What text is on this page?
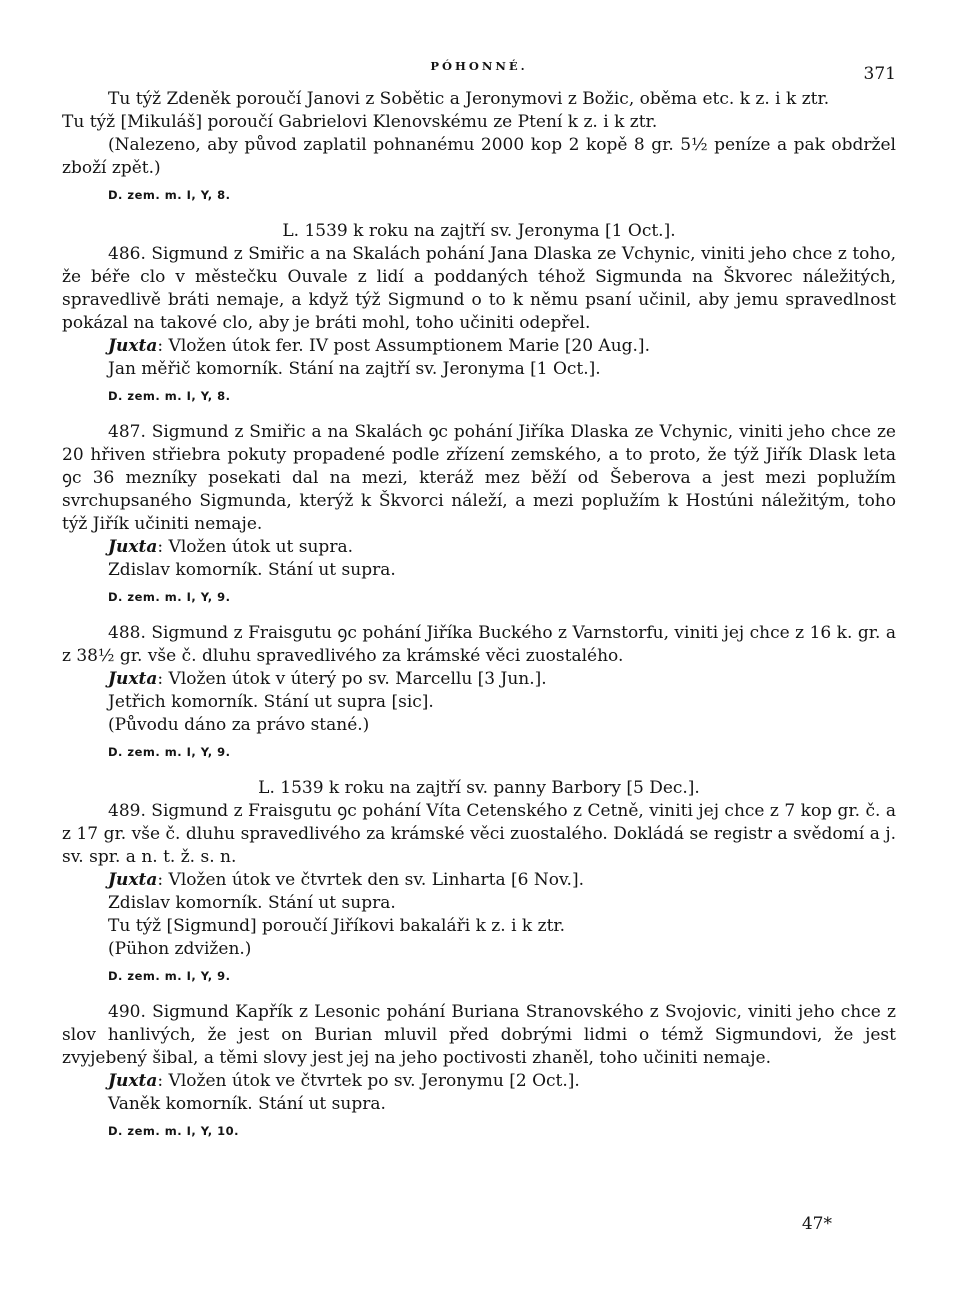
PÓHONNÉ.	371

Tu týž Zdeněk poroučí Janovi z Sobětic a Jeronymovi z Božic, oběma etc. k z. i k ztr.

Tu týž [Mikuláš] poroučí Gabrielovi Klenovskému ze Ptení k z. i k ztr.

(Nalezeno, aby původ zaplatil pohnanému 2000 kop 2 kopě 8 gr. 5½ peníze a pak obdržel zboží zpět.)

D. zem. m. I, Y, 8.

L. 1539 k roku na zajtří sv. Jeronyma [1 Oct.].

486. Sigmund z Smiřic a na Skalách pohání Jana Dlaska ze Vchynic, viniti jeho chce z toho, že béře clo v městečku Ouvale z lidí a poddaných téhož Sigmunda na Škvorec náležitých, spravedlivě bráti nemaje, a když týž Sigmund o to k němu psaní učinil, aby jemu spravedlnost pokázal na takové clo, aby je bráti mohl, toho učiniti odepřel.

Juxta: Vložen útok fer. IV post Assumptionem Marie [20 Aug.].

Jan měřič komorník. Stání na zajtří sv. Jeronyma [1 Oct.].

D. zem. m. I, Y, 8.

487. Sigmund z Smiřic a na Skalách ꝯc pohání Jiříka Dlaska ze Vchynic, viniti jeho chce ze 20 hřiven střiebra pokuty propadené podle zřízení zemského, a to proto, že týž Jiřík Dlask leta ꝯc 36 mezníky posekati dal na mezi, kteráž mez běží od Šeberova a jest mezi poplužím svrchupsaného Sigmunda, kterýž k Škvorci náleží, a mezi poplužím k Hostúni náležitým, toho týž Jiřík učiniti nemaje.

Juxta: Vložen útok ut supra.

Zdislav komorník. Stání ut supra.

D. zem. m. I, Y, 9.

488. Sigmund z Fraisgutu ꝯc pohání Jiříka Buckého z Varnstorfu, viniti jej chce z 16 k. gr. a z 38½ gr. vše č. dluhu spravedlivého za krámské věci zuostalého.

Juxta: Vložen útok v úterý po sv. Marcellu [3 Jun.].

Jetřich komorník. Stání ut supra [sic].

(Původu dáno za právo stané.)

D. zem. m. I, Y, 9.

L. 1539 k roku na zajtří sv. panny Barbory [5 Dec.].

489. Sigmund z Fraisgutu ꝯc pohání Víta Cetenského z Cetně, viniti jej chce z 7 kop gr. č. a z 17 gr. vše č. dluhu spravedlivého za krámské věci zuostalého. Dokládá se registr a svědomí a j. sv. spr. a n. t. ž. s. n.

Juxta: Vložen útok ve čtvrtek den sv. Linharta [6 Nov.].

Zdislav komorník. Stání ut supra.

Tu týž [Sigmund] poroučí Jiříkovi bakaláři k z. i k ztr.

(Pühon zdvižen.)

D. zem. m. I, Y, 9.

490. Sigmund Kapřík z Lesonic pohání Buriana Stranovského z Svojovic, viniti jeho chce z slov hanlivých, že jest on Burian mluvil před dobrými lidmi o témž Sigmundovi, že jest zvyjebený šibal, a těmi slovy jest jej na jeho poctivosti zhaněl, toho učiniti nemaje.

Juxta: Vložen útok ve čtvrtek po sv. Jeronymu [2 Oct.].

Vaněk komorník. Stání ut supra.

D. zem. m. I, Y, 10.
47*
